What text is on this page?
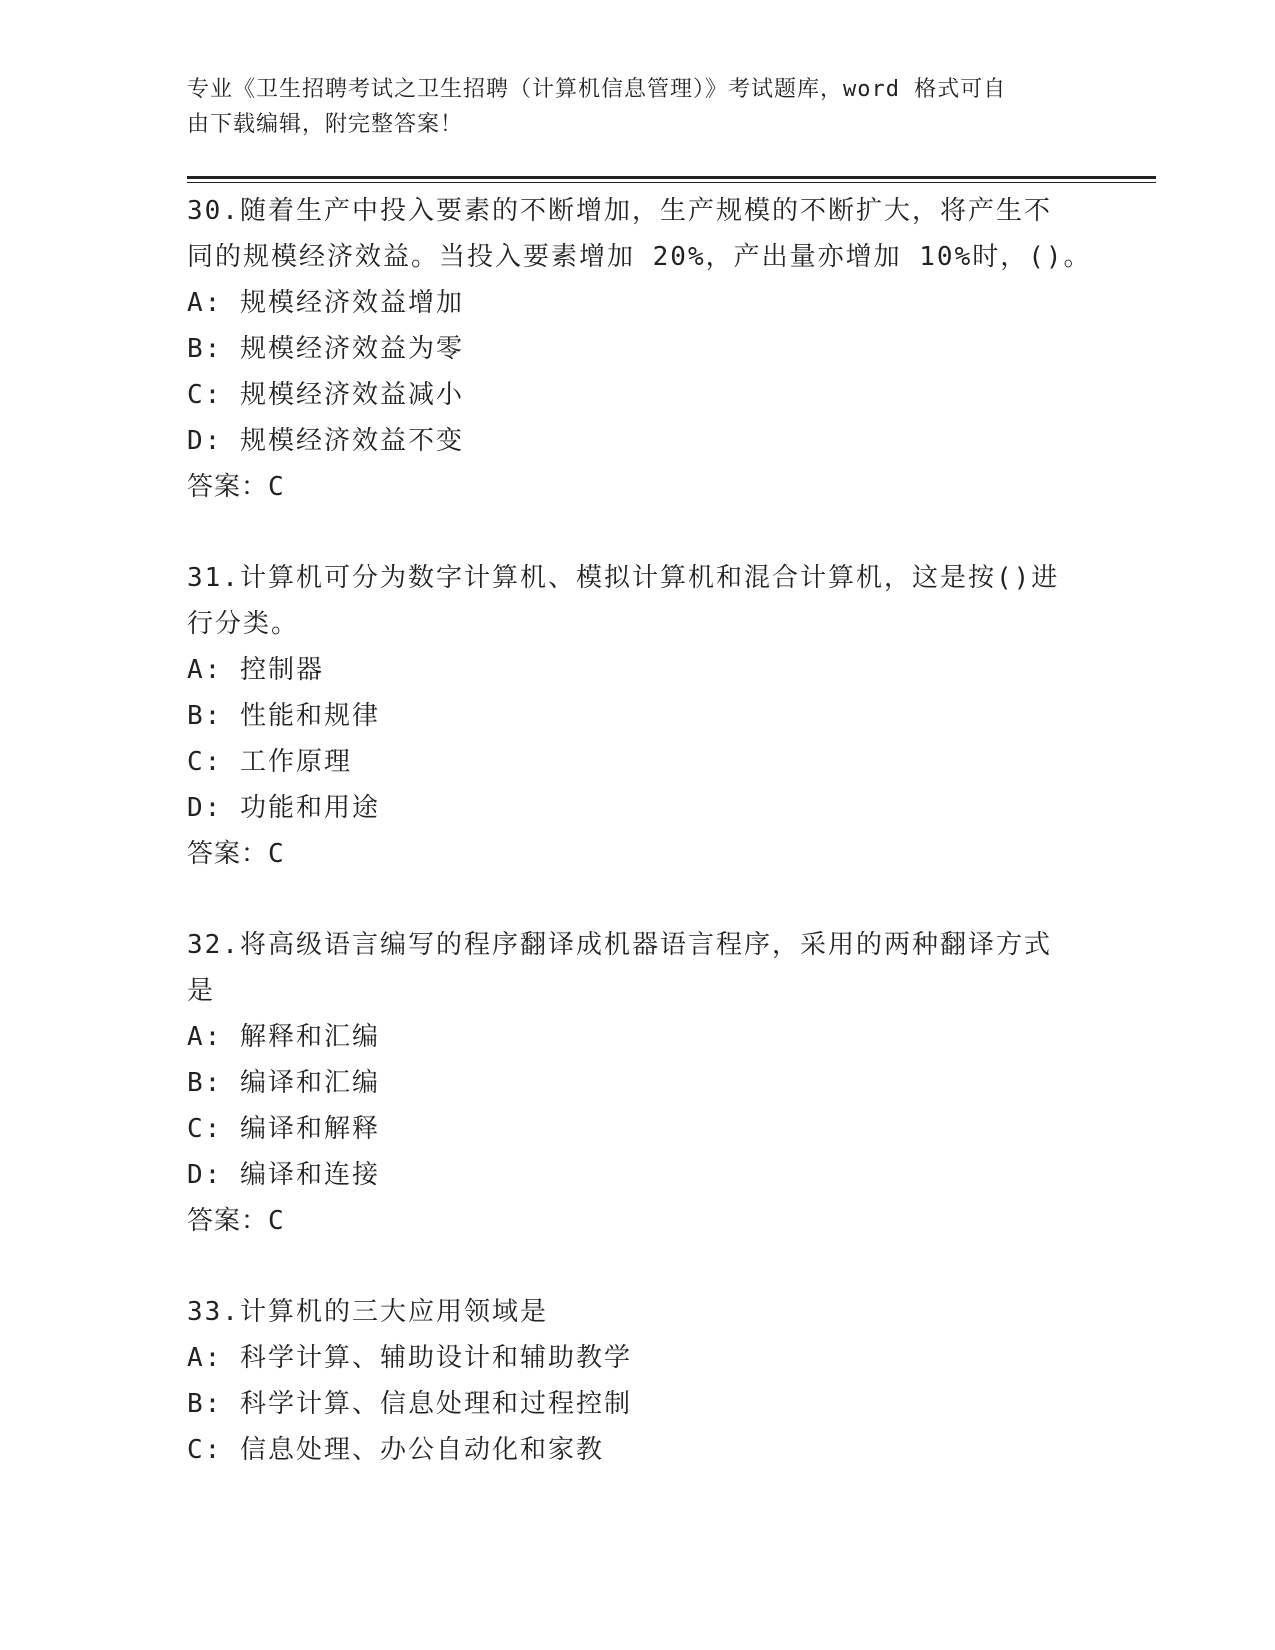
专业《卫生招聘考试之卫生招聘（计算机信息管理）》考试题库，word 格式可自
由下载编辑，附完整答案！
30.随着生产中投入要素的不断增加，生产规模的不断扩大，将产生不
同的规模经济效益。当投入要素增加 20%，产出量亦增加 10%时，()。
A: 规模经济效益增加
B: 规模经济效益为零
C: 规模经济效益减小
D: 规模经济效益不变
答案：C
31.计算机可分为数字计算机、模拟计算机和混合计算机，这是按()进
行分类。
A: 控制器
B: 性能和规律
C: 工作原理
D: 功能和用途
答案：C
32.将高级语言编写的程序翻译成机器语言程序，采用的两种翻译方式
是
A: 解释和汇编
B: 编译和汇编
C: 编译和解释
D: 编译和连接
答案：C
33.计算机的三大应用领域是
A: 科学计算、辅助设计和辅助教学
B: 科学计算、信息处理和过程控制
C: 信息处理、办公自动化和家教
